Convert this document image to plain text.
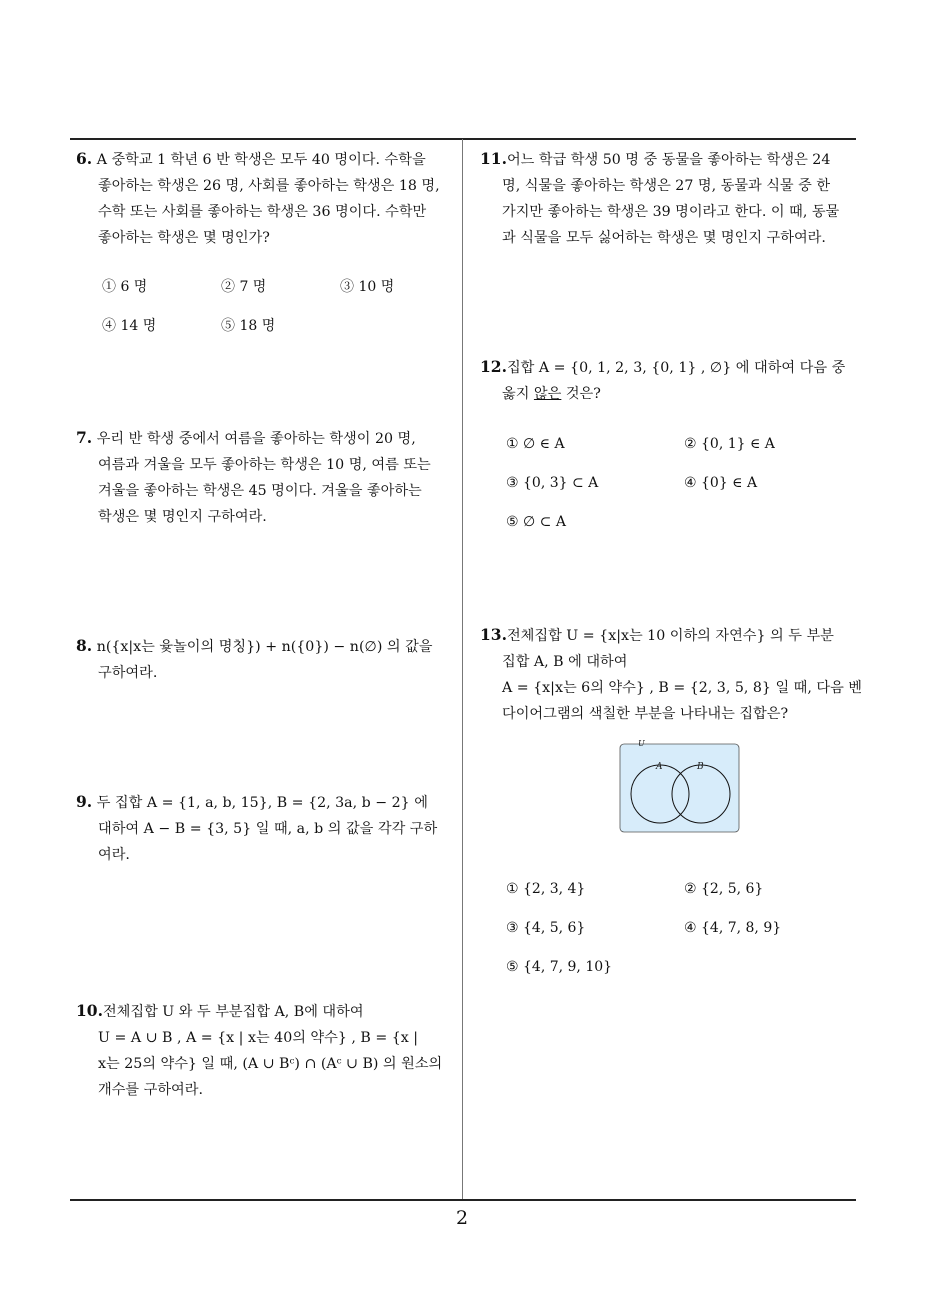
6. A 중학교 1 학년 6 반 학생은 모두 40 명이다. 수학을

좋아하는 학생은 26 명, 사회를 좋아하는 학생은 18 명,

수학 또는 사회를 좋아하는 학생은 36 명이다. 수학만

좋아하는 학생은 몇 명인가?

① 6 명	② 7 명	③ 10 명
④ 14 명	⑤ 18 명

7. 우리 반 학생 중에서 여름을 좋아하는 학생이 20 명,

여름과 겨울을 모두 좋아하는 학생은 10 명, 여름 또는

겨울을 좋아하는 학생은 45 명이다. 겨울을 좋아하는

학생은 몇 명인지 구하여라.

8. n({x|x는 윷놀이의 명칭}) + n({0}) − n(∅) 의 값을

구하여라.

9. 두 집합 A = {1, a, b, 15}, B = {2, 3a, b − 2} 에

대하여 A − B = {3, 5} 일 때, a, b 의 값을 각각 구하

여라.

10.전체집합 U 와 두 부분집합 A, B에 대하여

U = A ∪ B , A = {x | x는 40의 약수} , B = {x |

x는 25의 약수} 일 때, (A ∪ Bᶜ) ∩ (Aᶜ ∪ B) 의 원소의

개수를 구하여라.

11.어느 학급 학생 50 명 중 동물을 좋아하는 학생은 24

명, 식물을 좋아하는 학생은 27 명, 동물과 식물 중 한

가지만 좋아하는 학생은 39 명이라고 한다. 이 때, 동물

과 식물을 모두 싫어하는 학생은 몇 명인지 구하여라.

12.집합 A = {0, 1, 2, 3, {0, 1} , ∅} 에 대하여 다음 중

옳지 않은 것은?

① ∅ ∈ A	② {0, 1} ∈ A
③ {0, 3} ⊂ A	④ {0} ∈ A
⑤ ∅ ⊂ A

13.전체집합 U = {x|x는 10 이하의 자연수} 의 두 부분

집합 A, B 에 대하여

A = {x|x는 6의 약수} , B = {2, 3, 5, 8} 일 때, 다음 벤

다이어그램의 색칠한 부분을 나타내는 집합은?

U
A	B
① {2, 3, 4}	② {2, 5, 6}
③ {4, 5, 6}	④ {4, 7, 8, 9}
⑤ {4, 7, 9, 10}
2
